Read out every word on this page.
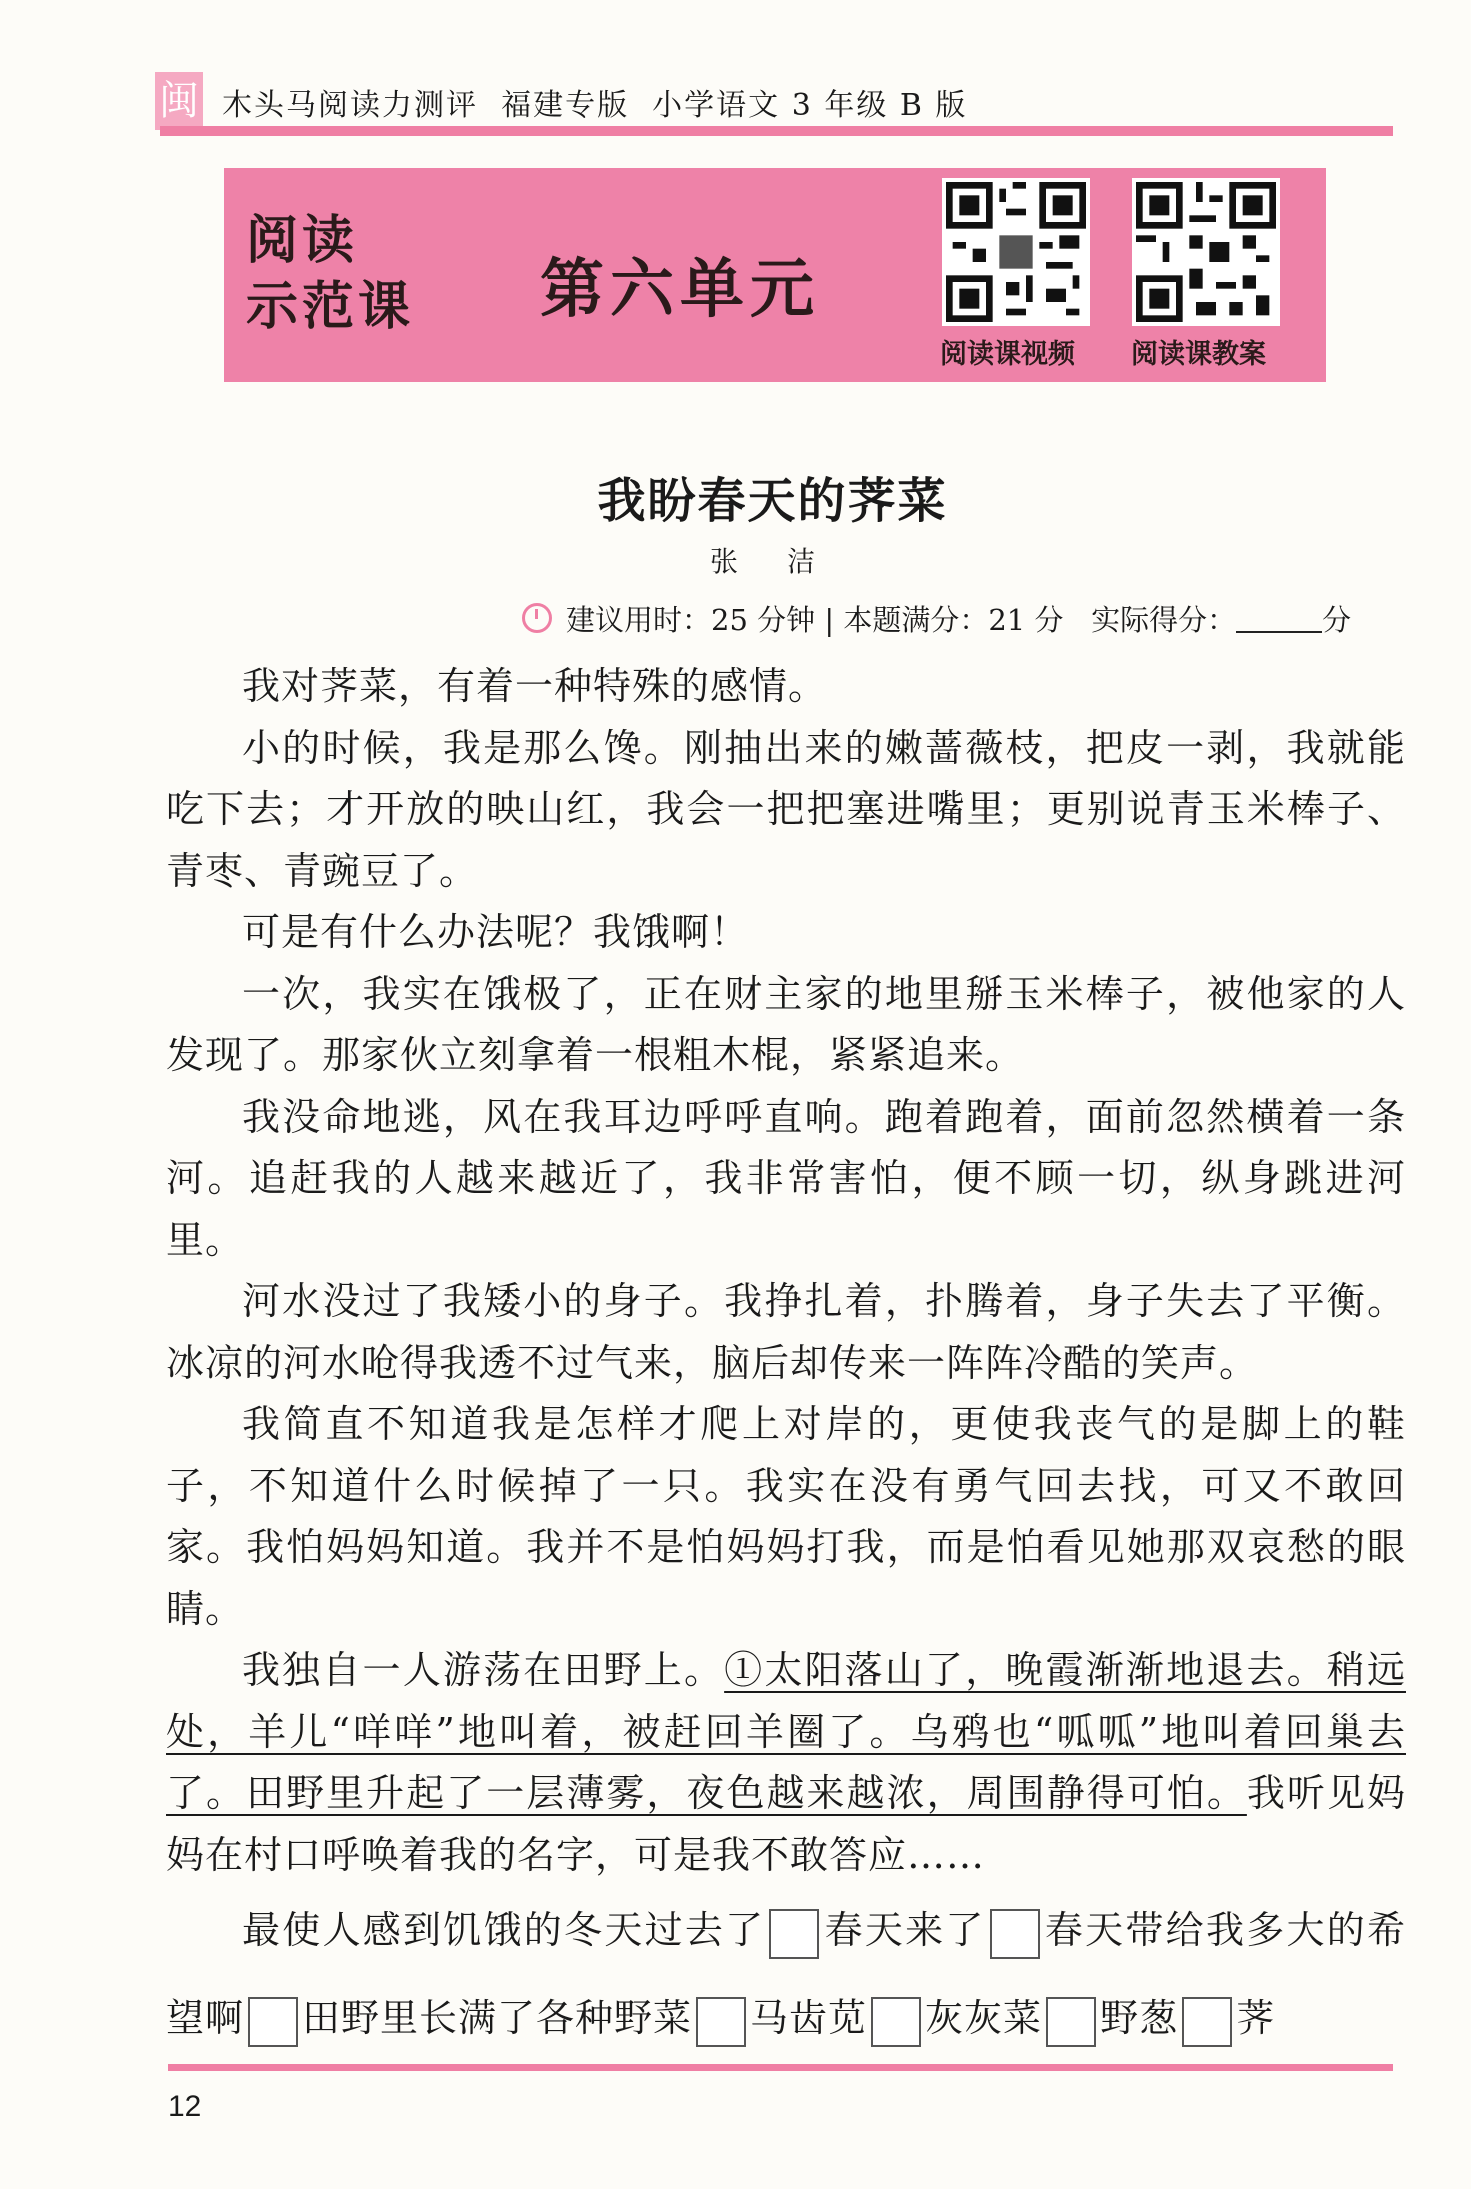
闽 木头马阅读力测评 福建专版 小学语文 3 年级 B 版
阅读
示范课 第六单元
阅读课视频 阅读课教案
我盼春天的荠菜
张 洁
建议用时：25 分钟 | 本题满分：21 分 实际得分：	分

我对荠菜，有着一种特殊的感情。

小的时候，我是那么馋。刚抽出来的嫩蔷薇枝，把皮一剥，我就能吃下去；才开放的映山红，我会一把把塞进嘴里；更别说青玉米棒子、青枣、青豌豆了。

可是有什么办法呢？我饿啊！

一次，我实在饿极了，正在财主家的地里掰玉米棒子，被他家的人发现了。那家伙立刻拿着一根粗木棍，紧紧追来。

我没命地逃，风在我耳边呼呼直响。跑着跑着，面前忽然横着一条河。追赶我的人越来越近了，我非常害怕，便不顾一切，纵身跳进河里。

河水没过了我矮小的身子。我挣扎着，扑腾着，身子失去了平衡。冰凉的河水呛得我透不过气来，脑后却传来一阵阵冷酷的笑声。

我简直不知道我是怎样才爬上对岸的，更使我丧气的是脚上的鞋子，不知道什么时候掉了一只。我实在没有勇气回去找，可又不敢回家。我怕妈妈知道。我并不是怕妈妈打我，而是怕看见她那双哀愁的眼睛。

我独自一人游荡在田野上。①太阳落山了，晚霞渐渐地退去。稍远处，羊儿“咩咩”地叫着，被赶回羊圈了。乌鸦也“呱呱”地叫着回巢去了。田野里升起了一层薄雾，夜色越来越浓，周围静得可怕。我听见妈妈在村口呼唤着我的名字，可是我不敢答应……

最使人感到饥饿的冬天过去了 春天来了 春天带给我多大的希望啊 田野里长满了各种野菜 马齿苋 灰灰菜 野葱 荠

12
